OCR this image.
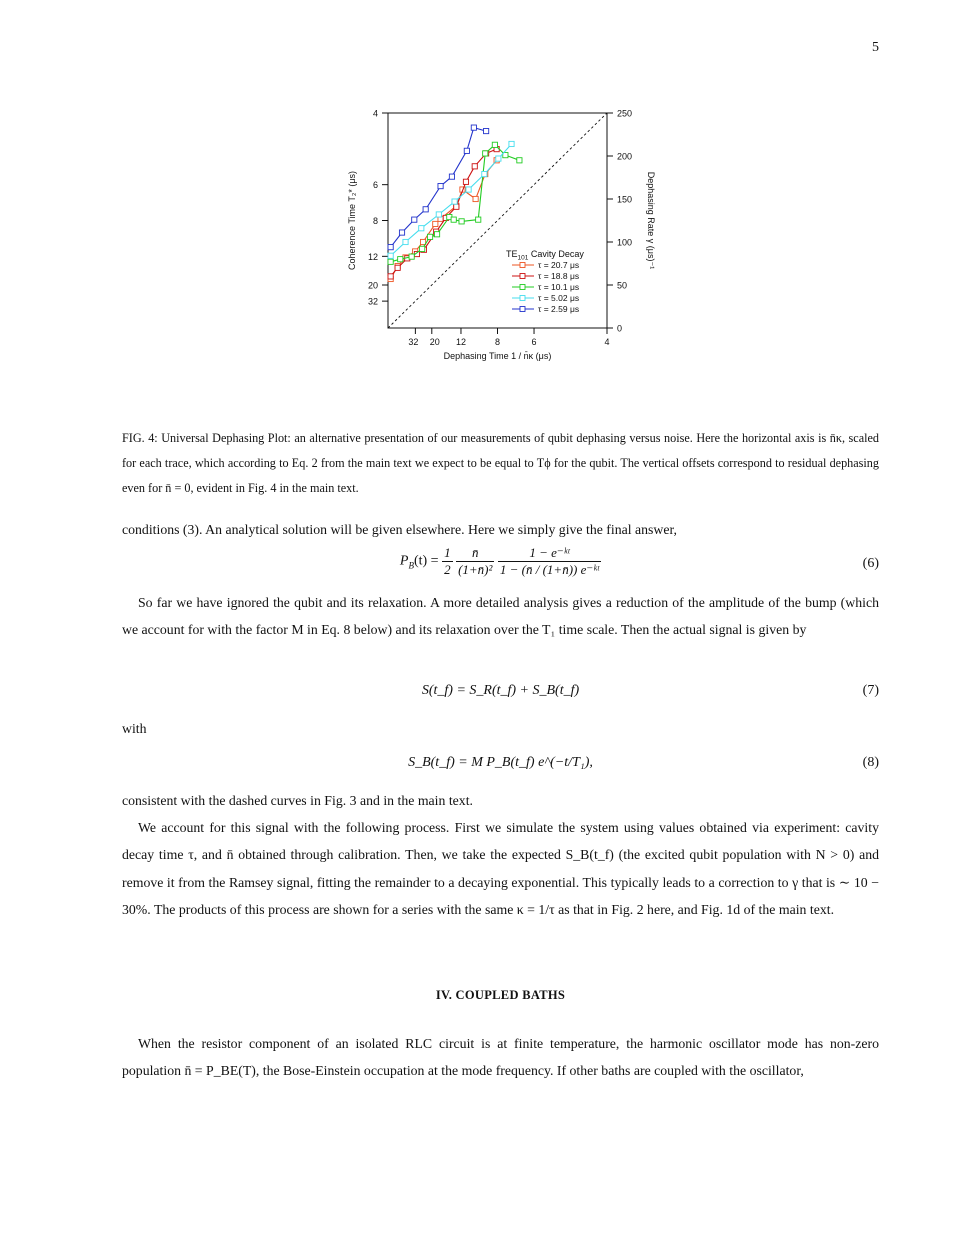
5
0
50
100
150
200
250
4
6
8
12
20
32
32 20 12	8	6	4
Dephasing Time 1 / n̄κ (μs)
Coherence Time T₂* (μs)	Dephasing Rate γ (μs)⁻¹
$TE_{101}$ Cavity Decay
τ = 20.7 μs
τ = 18.8 μs
τ = 10.1 μs
τ = 5.02 μs
τ = 2.59 μs
FIG. 4: Universal Dephasing Plot: an alternative presentation of our measurements of qubit dephasing versus noise. Here the horizontal axis is n̄κ, scaled for each trace, which according to Eq. 2 from the main text we expect to be equal to Tϕ for the qubit. The vertical offsets correspond to residual dephasing even for n̄ = 0, evident in Fig. 4 in the main text.
conditions (3). An analytical solution will be given elsewhere. Here we simply give the final answer,
$P_B(t) = \frac{1}{2}$
$\frac{n̄}{\text{(1+n̄)²}}$
$\frac{\text{1 − e⁻ᵏᵗ}}{\text{1 − (n̄ / (1+n̄)) e⁻ᵏᵗ}}$	(6)
So far we have ignored the qubit and its relaxation. A more detailed analysis gives a reduction of the amplitude of the bump (which we account for with the factor M in Eq. 8 below) and its relaxation over the T₁ time scale. Then the actual signal is given by
S(t_f) = S_R(t_f) + S_B(t_f)	(7)
with
S_B(t_f) = M P_B(t_f) e^(−t/T₁),	(8)
consistent with the dashed curves in Fig. 3 and in the main text.
We account for this signal with the following process. First we simulate the system using values obtained via experiment: cavity decay time τ, and n̄ obtained through calibration. Then, we take the expected S_B(t_f) (the excited qubit population with N > 0) and remove it from the Ramsey signal, fitting the remainder to a decaying exponential. This typically leads to a correction to γ that is ∼ 10 − 30%. The products of this process are shown for a series with the same κ = 1/τ as that in Fig. 2 here, and Fig. 1d of the main text.
IV. COUPLED BATHS
When the resistor component of an isolated RLC circuit is at finite temperature, the harmonic oscillator mode has non-zero population n̄ = P_BE(T), the Bose-Einstein occupation at the mode frequency. If other baths are coupled with the oscillator,
